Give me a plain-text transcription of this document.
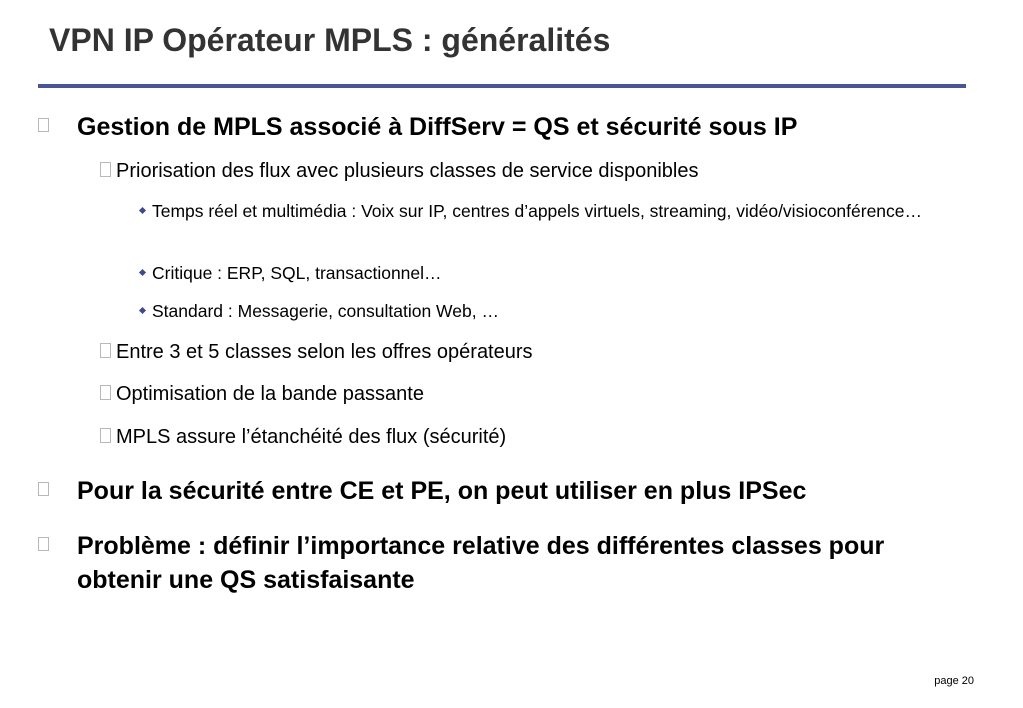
VPN IP Opérateur MPLS : généralités
Gestion de MPLS associé à DiffServ = QS et sécurité sous IP
Priorisation des flux avec plusieurs classes de service disponibles
Temps réel et multimédia : Voix sur IP, centres d’appels virtuels, streaming, vidéo/visioconférence…
Critique : ERP, SQL, transactionnel…
Standard : Messagerie, consultation Web, …
Entre 3 et 5 classes selon les offres opérateurs
Optimisation de la bande passante
MPLS assure l’étanchéité des flux (sécurité)
Pour la sécurité entre CE et PE, on peut utiliser en plus IPSec
Problème : définir l’importance relative des différentes classes pour obtenir une QS satisfaisante
page 20
